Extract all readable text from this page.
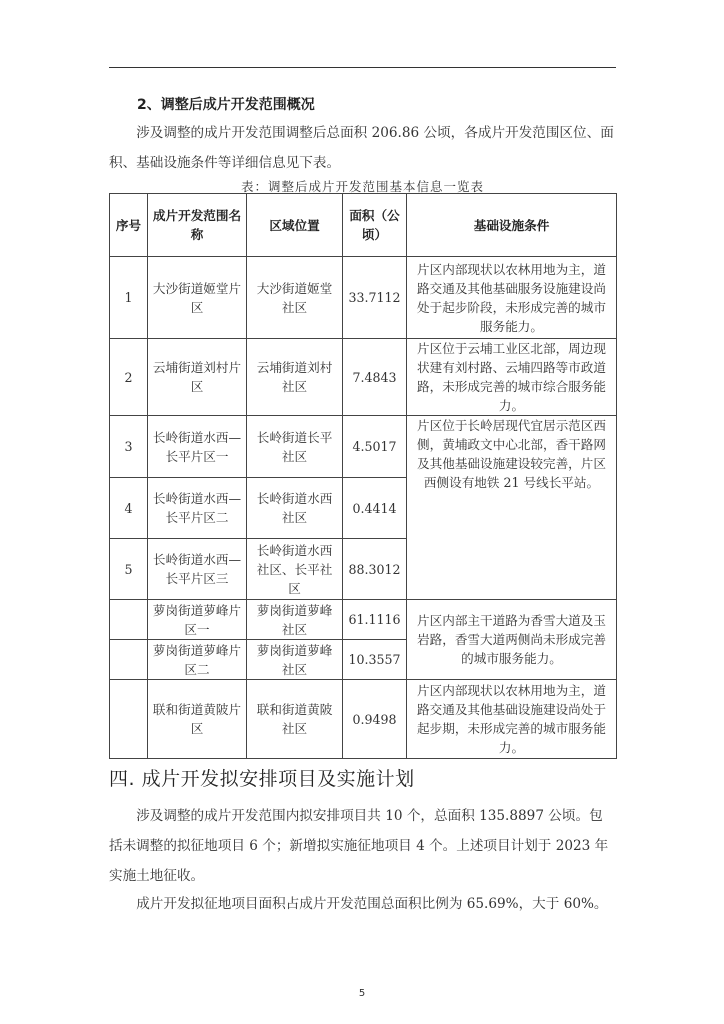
2、调整后成片开发范围概况

涉及调整的成片开发范围调整后总面积 206.86 公顷，各成片开发范围区位、面积、基础设施条件等详细信息见下表。

表：调整后成片开发范围基本信息一览表
序号	成片开发范围名称	区域位置	面积（公顷）	基础设施条件
1	大沙街道姬堂片区	大沙街道姬堂社区	33.7112	片区内部现状以农林用地为主，道路交通及其他基础服务设施建设尚处于起步阶段，未形成完善的城市服务能力。
2	云埔街道刘村片区	云埔街道刘村社区	7.4843	片区位于云埔工业区北部，周边现状建有刘村路、云埔四路等市政道路，未形成完善的城市综合服务能力。
3	长岭街道水西—长平片区一	长岭街道长平社区	4.5017	片区位于长岭居现代宜居示范区西侧，黄埔政文中心北部，香干路网及其他基础设施建设较完善，片区西侧设有地铁 21 号线长平站。
4	长岭街道水西—长平片区二	长岭街道水西社区	0.4414	
5	长岭街道水西—长平片区三	长岭街道水西社区、长平社区	88.3012	
	萝岗街道萝峰片区一	萝岗街道萝峰社区	61.1116	片区内部主干道路为香雪大道及玉岩路，香雪大道两侧尚未形成完善的城市服务能力。
	萝岗街道萝峰片区二	萝岗街道萝峰社区	10.3557	
	联和街道黄陂片区	联和街道黄陂社区	0.9498	片区内部现状以农林用地为主，道路交通及其他基础设施建设尚处于起步期，未形成完善的城市服务能力。
四. 成片开发拟安排项目及实施计划

涉及调整的成片开发范围内拟安排项目共 10 个，总面积 135.8897 公顷。包括未调整的拟征地项目 6 个；新增拟实施征地项目 4 个。上述项目计划于 2023 年实施土地征收。

成片开发拟征地项目面积占成片开发范围总面积比例为 65.69%，大于 60%。

5
